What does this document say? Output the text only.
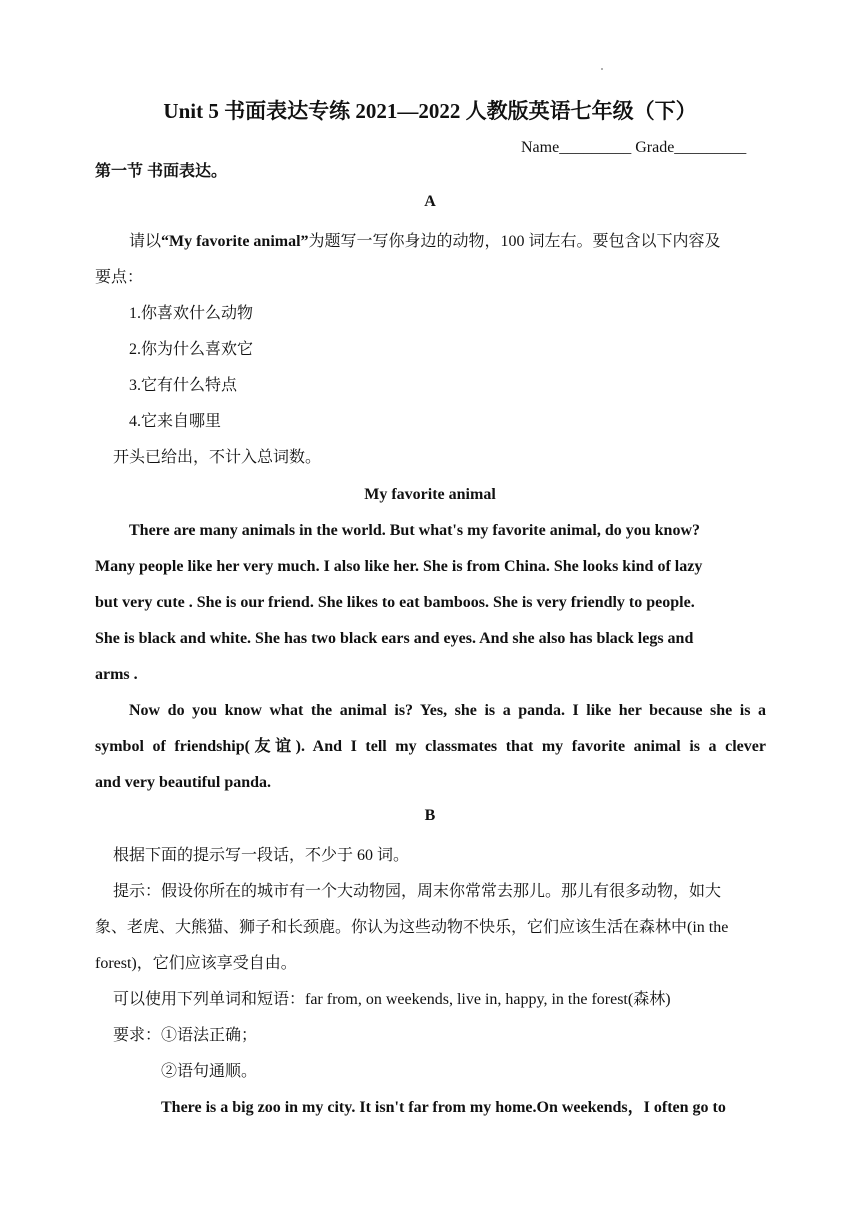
Unit 5 书面表达专练 2021—2022 人教版英语七年级（下）
Name_________ Grade_________
第一节 书面表达。
A
请以“My favorite animal”为题写一写你身边的动物，100 词左右。要包含以下内容及
要点：
1.你喜欢什么动物
2.你为什么喜欢它
3.它有什么特点
4.它来自哪里
开头已给出，不计入总词数。
My favorite animal
There are many animals in the world. But what's my favorite animal, do you know?
Many people like her very much. I also like her. She is from China. She looks kind of lazy
but very cute . She is our friend. She likes to eat bamboos. She is very friendly to people.
She is black and white. She has two black ears and eyes. And she also has black legs and
arms .
Now do you know what the animal is? Yes, she is a panda. I like her because she is a
symbol of friendship(友谊). And I tell my classmates that my favorite animal is a clever
and very beautiful panda.
B
根据下面的提示写一段话，不少于 60 词。
提示：假设你所在的城市有一个大动物园，周末你常常去那儿。那儿有很多动物，如大
象、老虎、大熊猫、狮子和长颈鹿。你认为这些动物不快乐，它们应该生活在森林中(in the
forest)，它们应该享受自由。
可以使用下列单词和短语：far from, on weekends, live in, happy, in the forest(森林)
要求：①语法正确；
②语句通顺。
There is a big zoo in my city. It isn't far from my home.On weekends，I often go to
